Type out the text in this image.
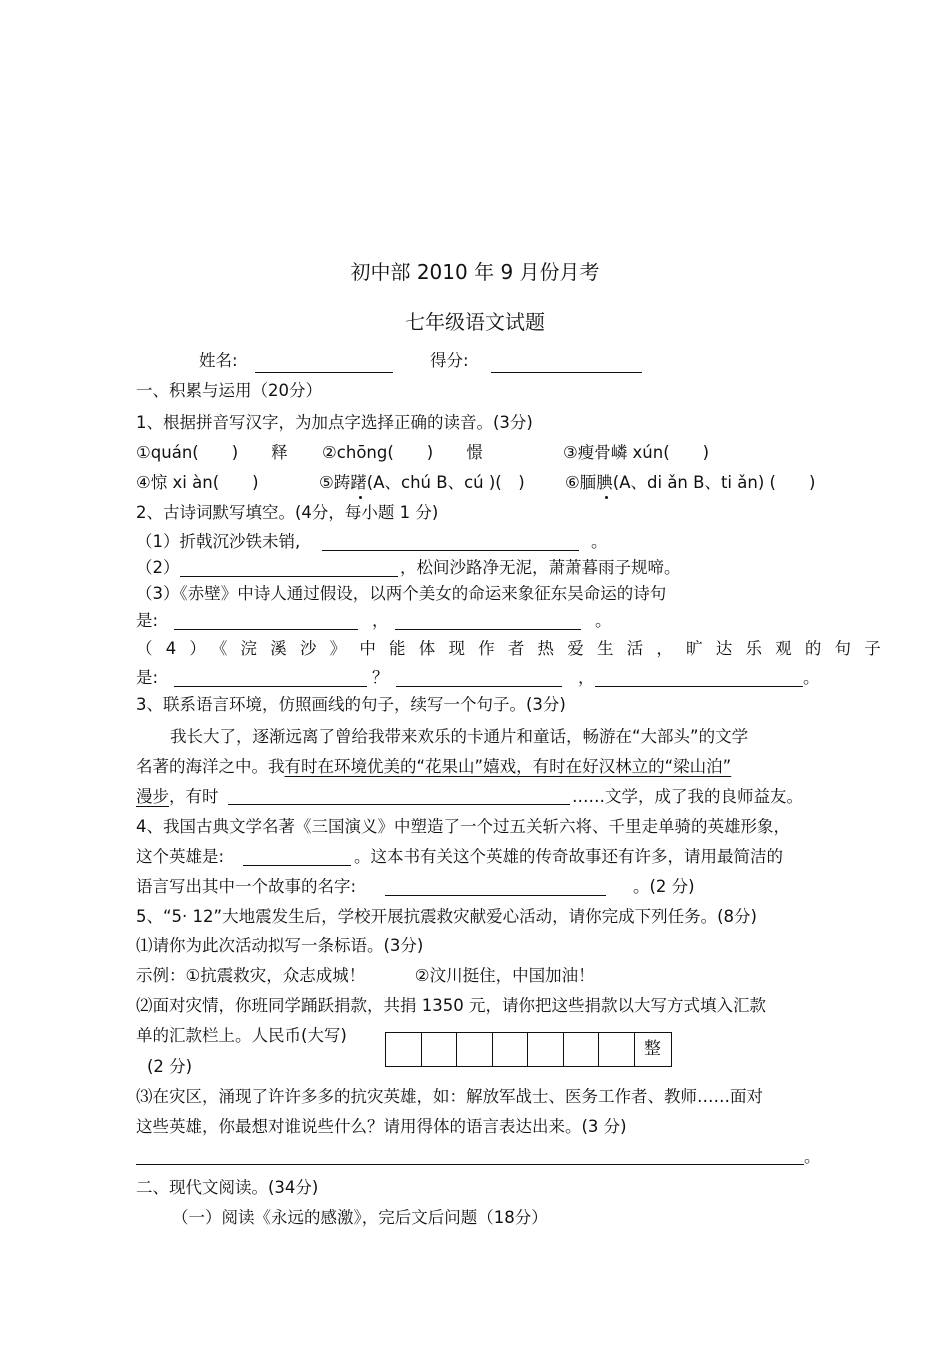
初中部 2010 年 9 月份月考
七年级语文试题
姓名:	得分:
一、积累与运用（20分）
1、根据拼音写汉字，为加点字选择正确的读音。(3分)
①quán(　　)　　释 ②chōng(　　)　　憬	③瘦骨嶙 xún(　　)
④惊 xi àn(　　)	⑤踌躇(A、chú B、cú )(　) ⑥腼腆(A、di ǎn B、ti ǎn) (　　)
2、古诗词默写填空。(4分，每小题 1 分)
（1）折戟沉沙铁未销,	。
（2）	，松间沙路净无泥，萧萧暮雨子规啼。
（3）《赤壁》中诗人通过假设，以两个美女的命运来象征东吴命运的诗句
是:	，	。
（4）《浣溪沙》中能体现作者热爱生活，旷达乐观的句子
是:	？	，	。
3、联系语言环境，仿照画线的句子，续写一个句子。(3分)
我长大了，逐渐远离了曾给我带来欢乐的卡通片和童话，畅游在“大部头”的文学
名著的海洋之中。我有时在环境优美的“花果山”嬉戏，有时在好汉林立的“梁山泊”
漫步，有时	……文学，成了我的良师益友。
4、我国古典文学名著《三国演义》中塑造了一个过五关斩六将、千里走单骑的英雄形象，
这个英雄是:	。这本书有关这个英雄的传奇故事还有许多，请用最简洁的
语言写出其中一个故事的名字:	。(2 分)
5、“5· 12”大地震发生后，学校开展抗震救灾献爱心活动，请你完成下列任务。(8分)
⑴请你为此次活动拟写一条标语。(3分)
示例：①抗震救灾，众志成城！　　　②汶川挺住，中国加油！
⑵面对灾情，你班同学踊跃捐款，共捐 1350 元，请你把这些捐款以大写方式填入汇款
单的汇款栏上。人民币(大写)
(2 分)
整
⑶在灾区，涌现了许许多多的抗灾英雄，如：解放军战士、医务工作者、教师……面对
这些英雄，你最想对谁说些什么？请用得体的语言表达出来。(3 分)
。
二、现代文阅读。(34分)
（一）阅读《永远的感激》，完后文后问题（18分）
